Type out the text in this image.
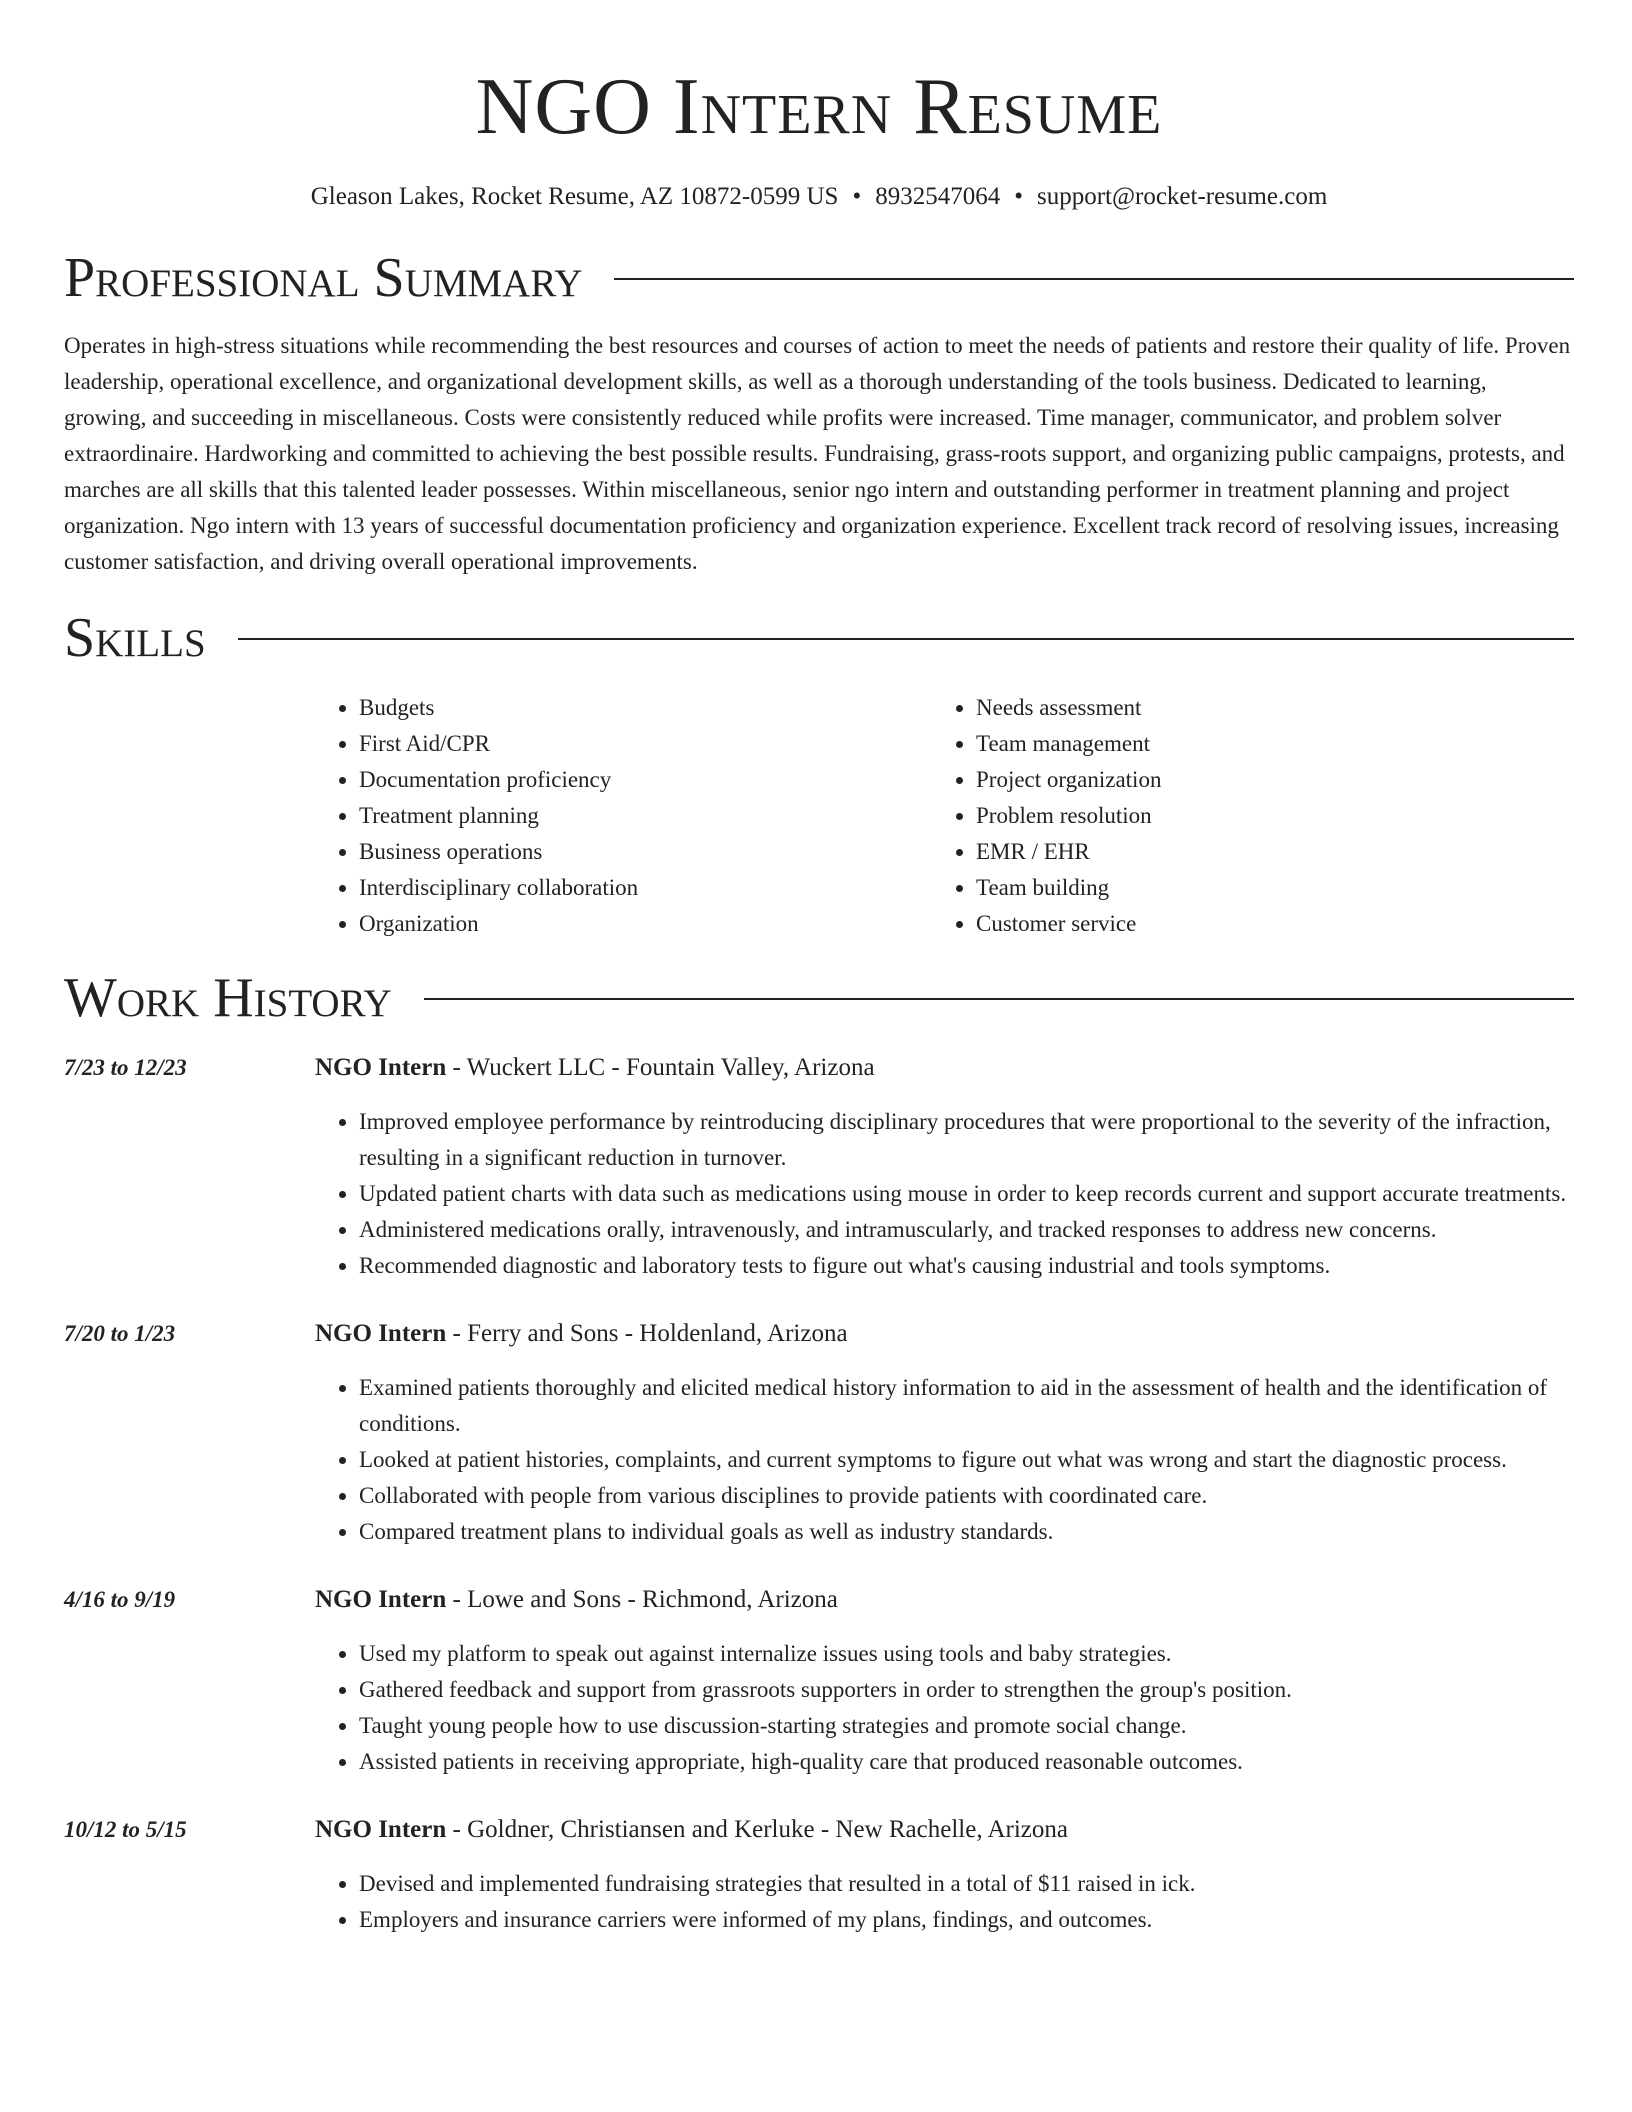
NGO Intern Resume
Gleason Lakes, Rocket Resume, AZ 10872-0599 US • 8932547064 • support@rocket-resume.com
Professional Summary

Operates in high-stress situations while recommending the best resources and courses of action to meet the needs of patients and restore their quality of life. Proven leadership, operational excellence, and organizational development skills, as well as a thorough understanding of the tools business. Dedicated to learning, growing, and succeeding in miscellaneous. Costs were consistently reduced while profits were increased. Time manager, communicator, and problem solver extraordinaire. Hardworking and committed to achieving the best possible results. Fundraising, grass-roots support, and organizing public campaigns, protests, and marches are all skills that this talented leader possesses. Within miscellaneous, senior ngo intern and outstanding performer in treatment planning and project organization. Ngo intern with 13 years of successful documentation proficiency and organization experience. Excellent track record of resolving issues, increasing customer satisfaction, and driving overall operational improvements.

Skills
• Budgets
• First Aid/CPR
• Documentation proficiency
• Treatment planning
• Business operations
• Interdisciplinary collaboration
• Organization
• Needs assessment
• Team management
• Project organization
• Problem resolution
• EMR / EHR
• Team building
• Customer service
Work History
7/23 to 12/23	NGO Intern - Wuckert LLC - Fountain Valley, Arizona
• Improved employee performance by reintroducing disciplinary procedures that were proportional to the severity of the infraction, resulting in a significant reduction in turnover.
• Updated patient charts with data such as medications using mouse in order to keep records current and support accurate treatments.
• Administered medications orally, intravenously, and intramuscularly, and tracked responses to address new concerns.
• Recommended diagnostic and laboratory tests to figure out what's causing industrial and tools symptoms.
7/20 to 1/23	NGO Intern - Ferry and Sons - Holdenland, Arizona
• Examined patients thoroughly and elicited medical history information to aid in the assessment of health and the identification of conditions.
• Looked at patient histories, complaints, and current symptoms to figure out what was wrong and start the diagnostic process.
• Collaborated with people from various disciplines to provide patients with coordinated care.
• Compared treatment plans to individual goals as well as industry standards.
4/16 to 9/19	NGO Intern - Lowe and Sons - Richmond, Arizona
• Used my platform to speak out against internalize issues using tools and baby strategies.
• Gathered feedback and support from grassroots supporters in order to strengthen the group's position.
• Taught young people how to use discussion-starting strategies and promote social change.
• Assisted patients in receiving appropriate, high-quality care that produced reasonable outcomes.
10/12 to 5/15	NGO Intern - Goldner, Christiansen and Kerluke - New Rachelle, Arizona
• Devised and implemented fundraising strategies that resulted in a total of $11 raised in ick.
• Employers and insurance carriers were informed of my plans, findings, and outcomes.
